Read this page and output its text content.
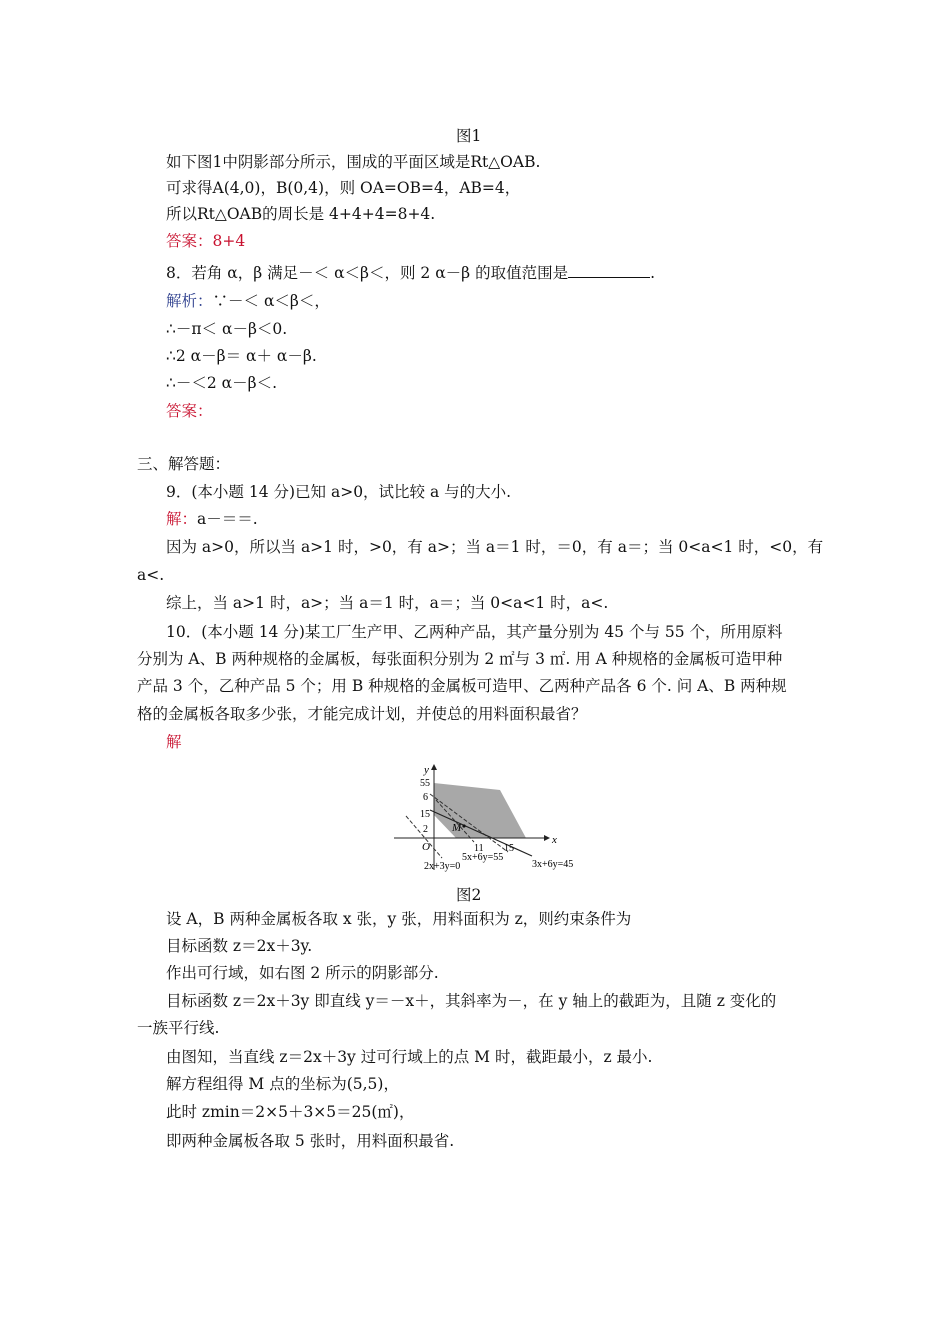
图1
如下图1中阴影部分所示，围成的平面区域是Rt△OAB.
可求得A(4,0)，B(0,4)，则 OA=OB=4，AB=4，
所以Rt△OAB的周长是 4+4+4=8+4.
答案：8+4
8．若角 α，β 满足－＜ α＜β＜，则 2 α－β 的取值范围是	.
解析：∵－＜ α＜β＜，
∴－π＜ α－β＜0.
∴2 α－β＝ α＋ α－β.
∴－＜2 α－β＜.
答案：
三、解答题：
9．(本小题 14 分)已知 a>0，试比较 a 与的大小.
解：a－＝＝.
因为 a>0，所以当 a>1 时，>0，有 a>；当 a＝1 时，＝0，有 a＝；当 0<a<1 时，<0，有
a<.
综上，当 a>1 时，a>；当 a＝1 时，a＝；当 0<a<1 时，a<.
10．(本小题 14 分)某工厂生产甲、乙两种产品，其产量分别为 45 个与 55 个，所用原料
分别为 A、B 两种规格的金属板，每张面积分别为 2 ㎡与 3 ㎡. 用 A 种规格的金属板可造甲种
产品 3 个，乙种产品 5 个；用 B 种规格的金属板可造甲、乙两种产品各 6 个. 问 A、B 两种规
格的金属板各取多少张，才能完成计划，并使总的用料面积最省？
解
y
x
O
55
6
15
2
11 15
M
5x+6y=55
2x+3y=0	3x+6y=45
图2
设 A，B 两种金属板各取 x 张，y 张，用料面积为 z，则约束条件为
目标函数 z＝2x＋3y.
作出可行域，如右图 2 所示的阴影部分.
目标函数 z＝2x＋3y 即直线 y＝－x＋，其斜率为－，在 y 轴上的截距为，且随 z 变化的
一族平行线.
由图知，当直线 z＝2x＋3y 过可行域上的点 M 时，截距最小，z 最小.
解方程组得 M 点的坐标为(5,5)，
此时 zmin＝2×5＋3×5＝25(㎡)，
即两种金属板各取 5 张时，用料面积最省.
